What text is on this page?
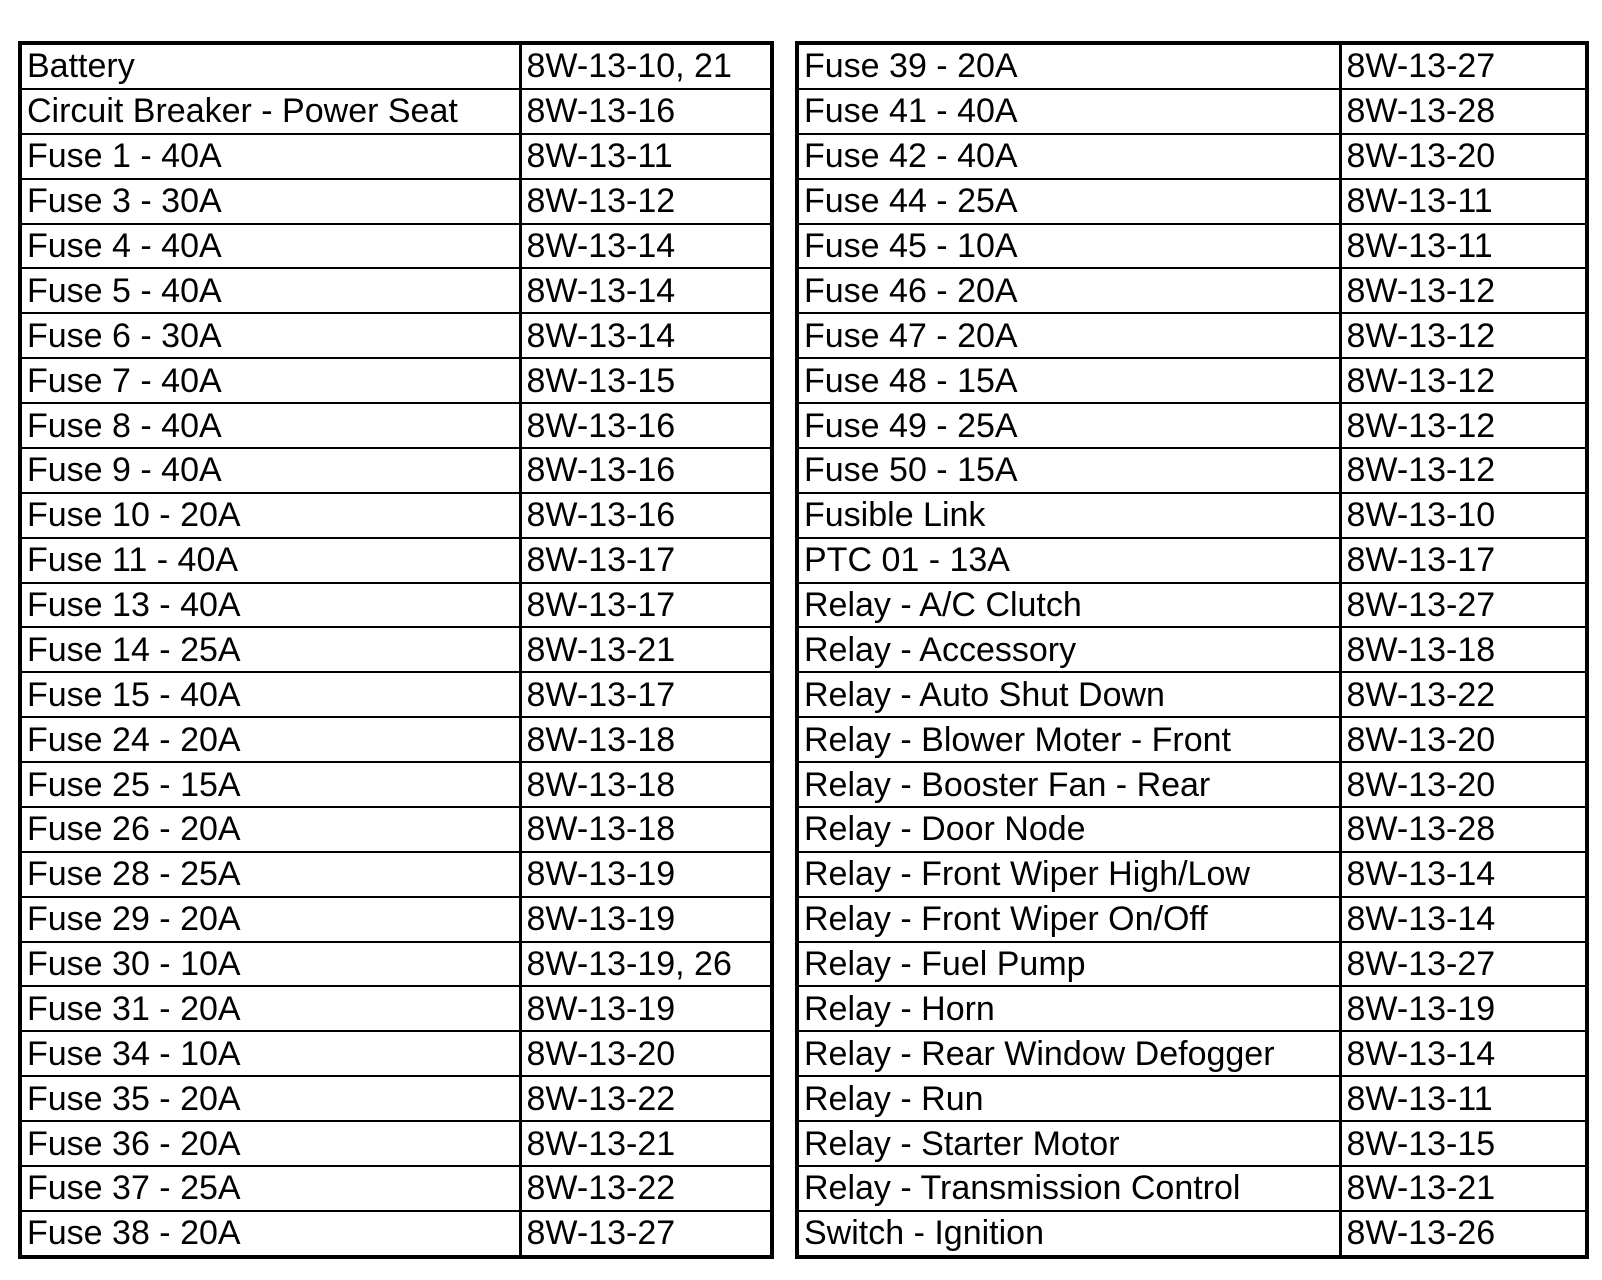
Battery	8W-13-10, 21
Circuit Breaker - Power Seat	8W-13-16
Fuse 1 - 40A	8W-13-11
Fuse 3 - 30A	8W-13-12
Fuse 4 - 40A	8W-13-14
Fuse 5 - 40A	8W-13-14
Fuse 6 - 30A	8W-13-14
Fuse 7 - 40A	8W-13-15
Fuse 8 - 40A	8W-13-16
Fuse 9 - 40A	8W-13-16
Fuse 10 - 20A	8W-13-16
Fuse 11 - 40A	8W-13-17
Fuse 13 - 40A	8W-13-17
Fuse 14 - 25A	8W-13-21
Fuse 15 - 40A	8W-13-17
Fuse 24 - 20A	8W-13-18
Fuse 25 - 15A	8W-13-18
Fuse 26 - 20A	8W-13-18
Fuse 28 - 25A	8W-13-19
Fuse 29 - 20A	8W-13-19
Fuse 30 - 10A	8W-13-19, 26
Fuse 31 - 20A	8W-13-19
Fuse 34 - 10A	8W-13-20
Fuse 35 - 20A	8W-13-22
Fuse 36 - 20A	8W-13-21
Fuse 37 - 25A	8W-13-22
Fuse 38 - 20A	8W-13-27
Fuse 39 - 20A	8W-13-27
Fuse 41 - 40A	8W-13-28
Fuse 42 - 40A	8W-13-20
Fuse 44 - 25A	8W-13-11
Fuse 45 - 10A	8W-13-11
Fuse 46 - 20A	8W-13-12
Fuse 47 - 20A	8W-13-12
Fuse 48 - 15A	8W-13-12
Fuse 49 - 25A	8W-13-12
Fuse 50 - 15A	8W-13-12
Fusible Link	8W-13-10
PTC 01 - 13A	8W-13-17
Relay - A/C Clutch	8W-13-27
Relay - Accessory	8W-13-18
Relay - Auto Shut Down	8W-13-22
Relay - Blower Moter - Front	8W-13-20
Relay - Booster Fan - Rear	8W-13-20
Relay - Door Node	8W-13-28
Relay - Front Wiper High/Low	8W-13-14
Relay - Front Wiper On/Off	8W-13-14
Relay - Fuel Pump	8W-13-27
Relay - Horn	8W-13-19
Relay - Rear Window Defogger	8W-13-14
Relay - Run	8W-13-11
Relay - Starter Motor	8W-13-15
Relay - Transmission Control	8W-13-21
Switch - Ignition	8W-13-26
